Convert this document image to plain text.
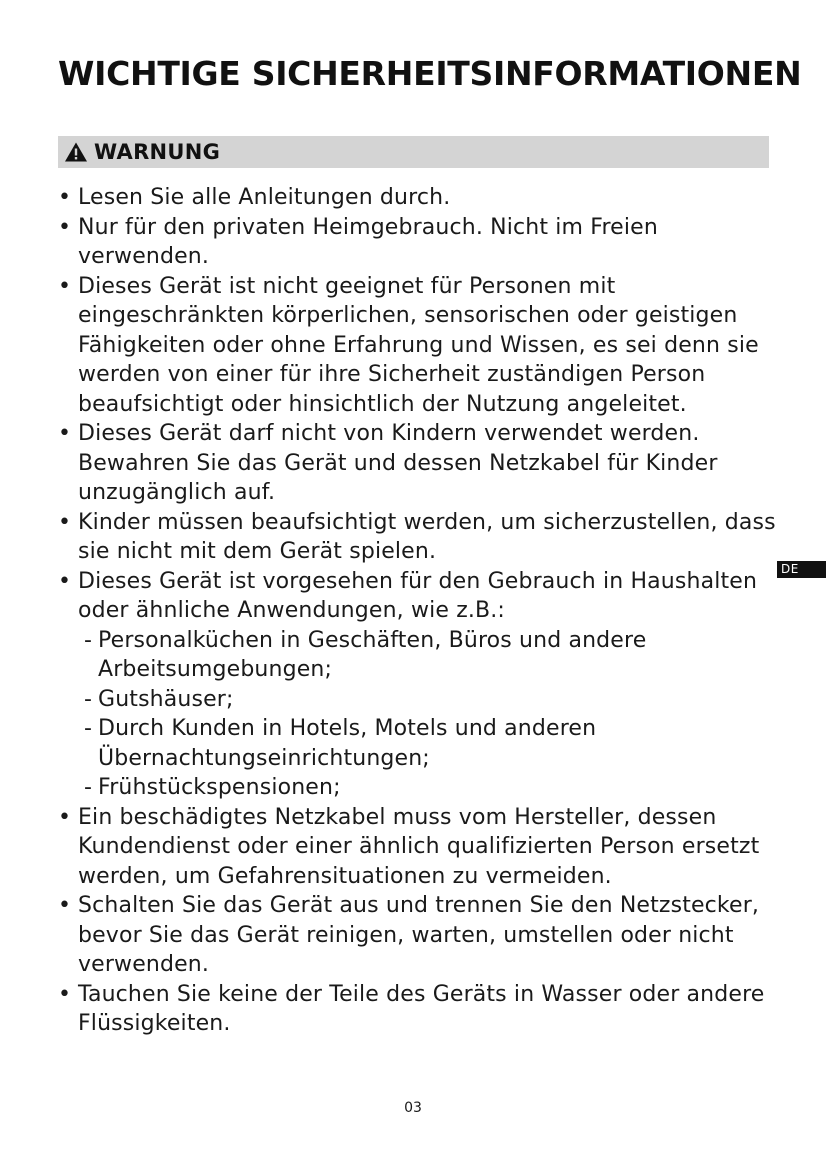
WICHTIGE SICHERHEITSINFORMATIONEN
WARNUNG
• Lesen Sie alle Anleitungen durch.
• Nur für den privaten Heimgebrauch. Nicht im Freien verwenden.
• Dieses Gerät ist nicht geeignet für Personen mit eingeschränkten körperlichen, sensorischen oder geistigen Fähigkeiten oder ohne Erfahrung und Wissen, es sei denn sie werden von einer für ihre Sicherheit zuständigen Person beaufsichtigt oder hinsichtlich der Nutzung angeleitet.
• Dieses Gerät darf nicht von Kindern verwendet werden. Bewahren Sie das Gerät und dessen Netzkabel für Kinder unzugänglich auf.
• Kinder müssen beaufsichtigt werden, um sicherzustellen, dass sie nicht mit dem Gerät spielen.
• Dieses Gerät ist vorgesehen für den Gebrauch in Haushalten oder ähnliche Anwendungen, wie z.B.:
- Personalküchen in Geschäften, Büros und andere Arbeitsumgebungen;
- Gutshäuser;
- Durch Kunden in Hotels, Motels und anderen Übernachtungseinrichtungen;
- Frühstückspensionen;
• Ein beschädigtes Netzkabel muss vom Hersteller, dessen Kundendienst oder einer ähnlich qualifizierten Person ersetzt werden, um Gefahrensituationen zu vermeiden.
• Schalten Sie das Gerät aus und trennen Sie den Netzstecker, bevor Sie das Gerät reinigen, warten, umstellen oder nicht verwenden.
• Tauchen Sie keine der Teile des Geräts in Wasser oder andere Flüssigkeiten.
DE
03
